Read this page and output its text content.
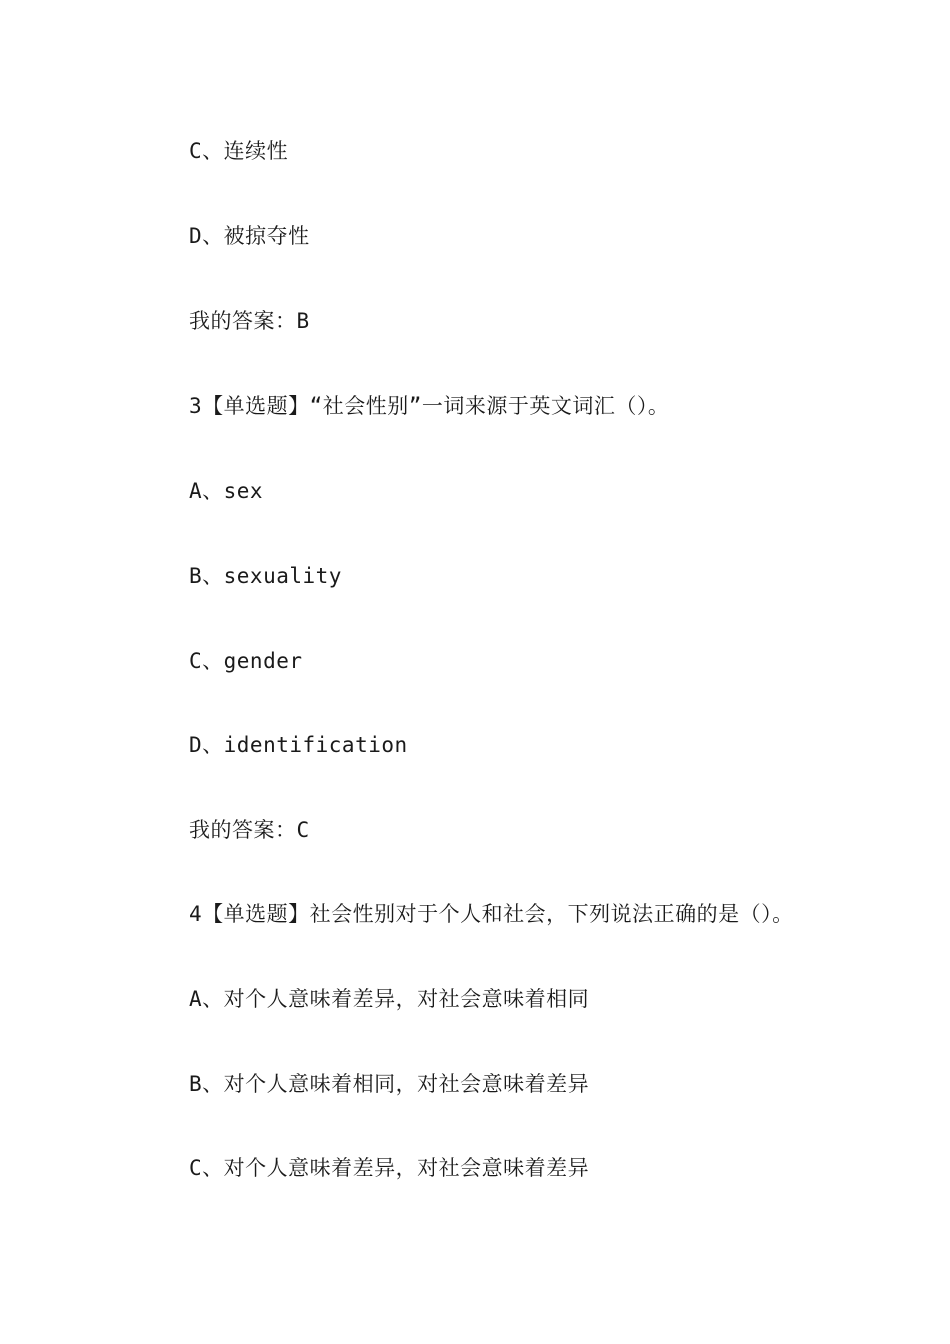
C、连续性
D、被掠夺性
我的答案：B
3【单选题】“社会性别”一词来源于英文词汇（）。
A、sex
B、sexuality
C、gender
D、identification
我的答案：C
4【单选题】社会性别对于个人和社会，下列说法正确的是（）。
A、对个人意味着差异，对社会意味着相同
B、对个人意味着相同，对社会意味着差异
C、对个人意味着差异，对社会意味着差异
